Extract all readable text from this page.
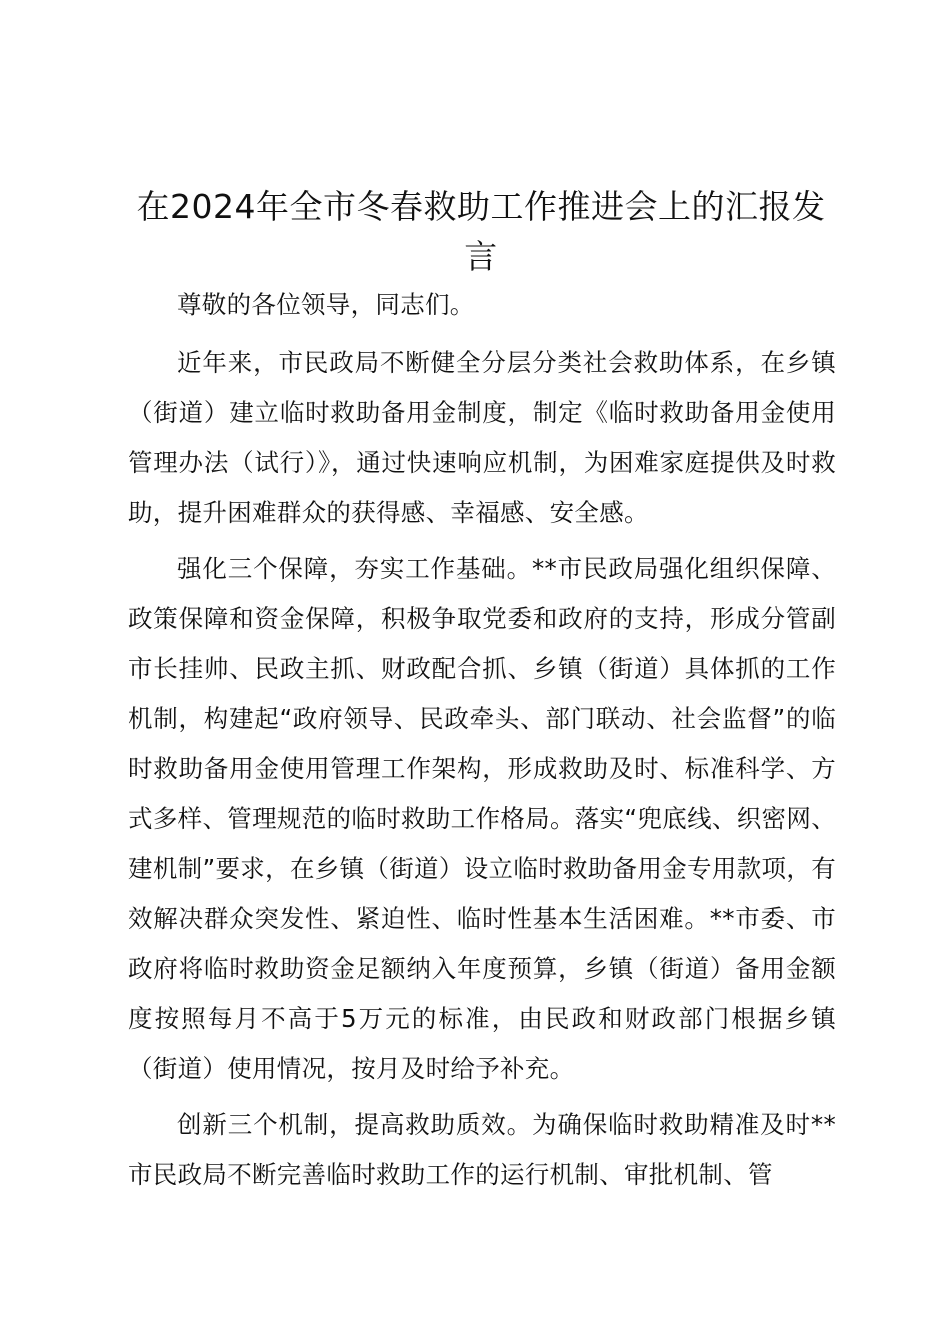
在2024年全市冬春救助工作推进会上的汇报发言

尊敬的各位领导，同志们。

近年来，市民政局不断健全分层分类社会救助体系，在乡镇（街道）建立临时救助备用金制度，制定《临时救助备用金使用管理办法（试行）》，通过快速响应机制，为困难家庭提供及时救助，提升困难群众的获得感、幸福感、安全感。

强化三个保障，夯实工作基础。**市民政局强化组织保障、政策保障和资金保障，积极争取党委和政府的支持，形成分管副市长挂帅、民政主抓、财政配合抓、乡镇（街道）具体抓的工作机制，构建起“政府领导、民政牵头、部门联动、社会监督”的临时救助备用金使用管理工作架构，形成救助及时、标准科学、方式多样、管理规范的临时救助工作格局。落实“兜底线、织密网、建机制”要求，在乡镇（街道）设立临时救助备用金专用款项，有效解决群众突发性、紧迫性、临时性基本生活困难。**市委、市政府将临时救助资金足额纳入年度预算，乡镇（街道）备用金额度按照每月不高于5万元的标准，由民政和财政部门根据乡镇（街道）使用情况，按月及时给予补充。

创新三个机制，提高救助质效。为确保临时救助精准及时**市民政局不断完善临时救助工作的运行机制、审批机制、管
